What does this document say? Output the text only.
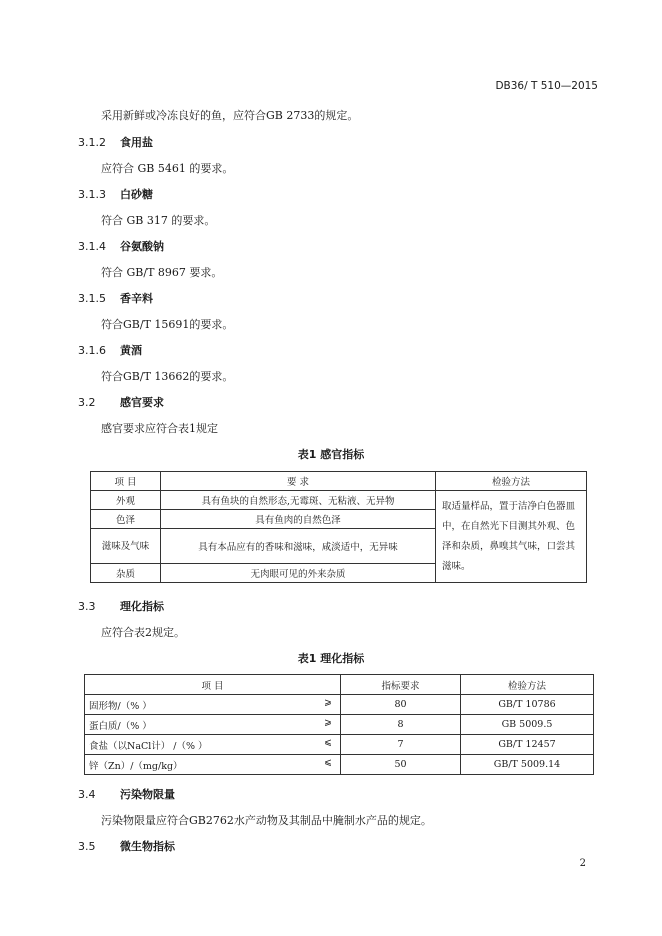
DB36/ T 510—2015
采用新鲜或冷冻良好的鱼，应符合GB 2733的规定。
3.1.2 食用盐
应符合 GB 5461 的要求。
3.1.3 白砂糖
符合 GB 317 的要求。
3.1.4 谷氨酸钠
符合 GB/T 8967 要求。
3.1.5 香辛料
符合GB/T 15691的要求。
3.1.6 黄酒
符合GB/T 13662的要求。
3.2 感官要求
感官要求应符合表1规定
表1 感官指标
项 目	要 求	检验方法
外观	具有鱼块的自然形态,无霉斑、无粘液、无异物	取适量样品，置于洁净白色器皿中，在自然光下目测其外观、色泽和杂质，鼻嗅其气味，口尝其滋味。
色泽	具有鱼肉的自然色泽	
滋味及气味	具有本品应有的香味和滋味，咸淡适中，无异味	
杂质	无肉眼可见的外来杂质	
3.3 理化指标
应符合表2规定。
表1 理化指标
项 目	指标要求	检验方法
固形物/（% ） ⩾	80	GB/T 10786
蛋白质/（% ） ⩾	8	GB 5009.5
食盐（以NaCl计） /（% ） ⩽	7	GB/T 12457
锌（Zn）/（mg/kg） ⩽	50	GB/T 5009.14
3.4 污染物限量
污染物限量应符合GB2762水产动物及其制品中腌制水产品的规定。
3.5 微生物指标
2
